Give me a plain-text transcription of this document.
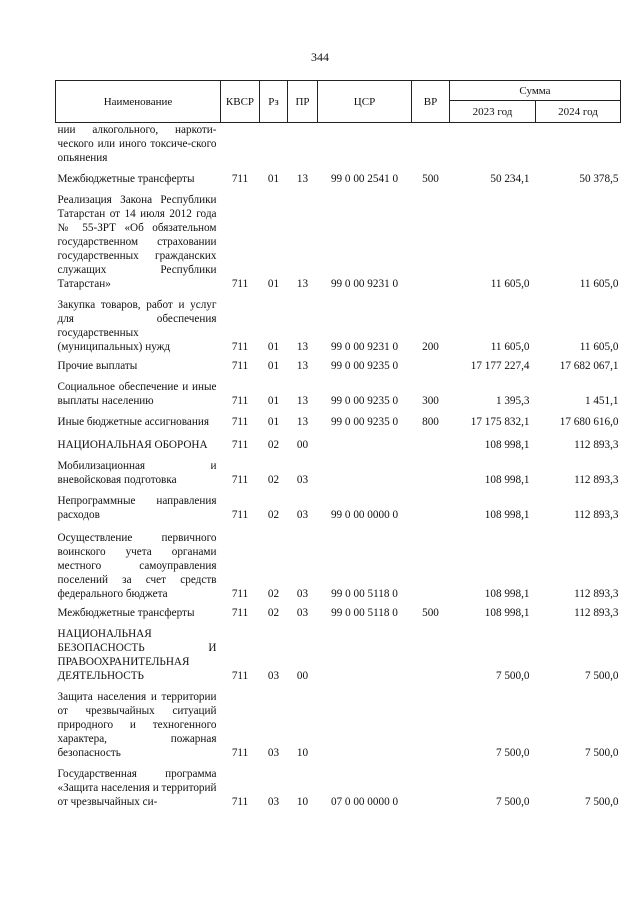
344
Наименование	КВСР	Рз	ПР	ЦСР	ВР	Сумма	
						2023 год	2024 год
нии алкогольного, наркоти-ческого или иного токсиче-ского опьянения							
Межбюджетные трансферты	711	01	13	99 0 00 2541 0	500	50 234,1	50 378,5
Реализация Закона Республики Татарстан от 14 июля 2012 года № 55-ЗРТ «Об обязательном государственном страховании государственных гражданских служащих Республики Татарстан»	711	01	13	99 0 00 9231 0		11 605,0	11 605,0
Закупка товаров, работ и услуг для обеспечения государственных (муниципальных) нужд	711	01	13	99 0 00 9231 0	200	11 605,0	11 605,0
Прочие выплаты	711	01	13	99 0 00 9235 0		17 177 227,4	17 682 067,1
Социальное обеспечение и иные выплаты населению	711	01	13	99 0 00 9235 0	300	1 395,3	1 451,1
Иные бюджетные ассигнования	711	01	13	99 0 00 9235 0	800	17 175 832,1	17 680 616,0
НАЦИОНАЛЬНАЯ ОБОРОНА	711	02	00			108 998,1	112 893,3
Мобилизационная и вневойсковая подготовка	711	02	03			108 998,1	112 893,3
Непрограммные направления расходов	711	02	03	99 0 00 0000 0		108 998,1	112 893,3
Осуществление первичного воинского учета органами местного самоуправления поселений за счет средств федерального бюджета	711	02	03	99 0 00 5118 0		108 998,1	112 893,3
Межбюджетные трансферты	711	02	03	99 0 00 5118 0	500	108 998,1	112 893,3
НАЦИОНАЛЬНАЯ БЕЗОПАСНОСТЬ И ПРАВООХРАНИТЕЛЬНАЯ ДЕЯТЕЛЬНОСТЬ	711	03	00			7 500,0	7 500,0
Защита населения и территории от чрезвычайных ситуаций природного и техногенного характера, пожарная безопасность	711	03	10			7 500,0	7 500,0
Государственная программа «Защита населения и территорий от чрезвычайных си-	711	03	10	07 0 00 0000 0		7 500,0	7 500,0
